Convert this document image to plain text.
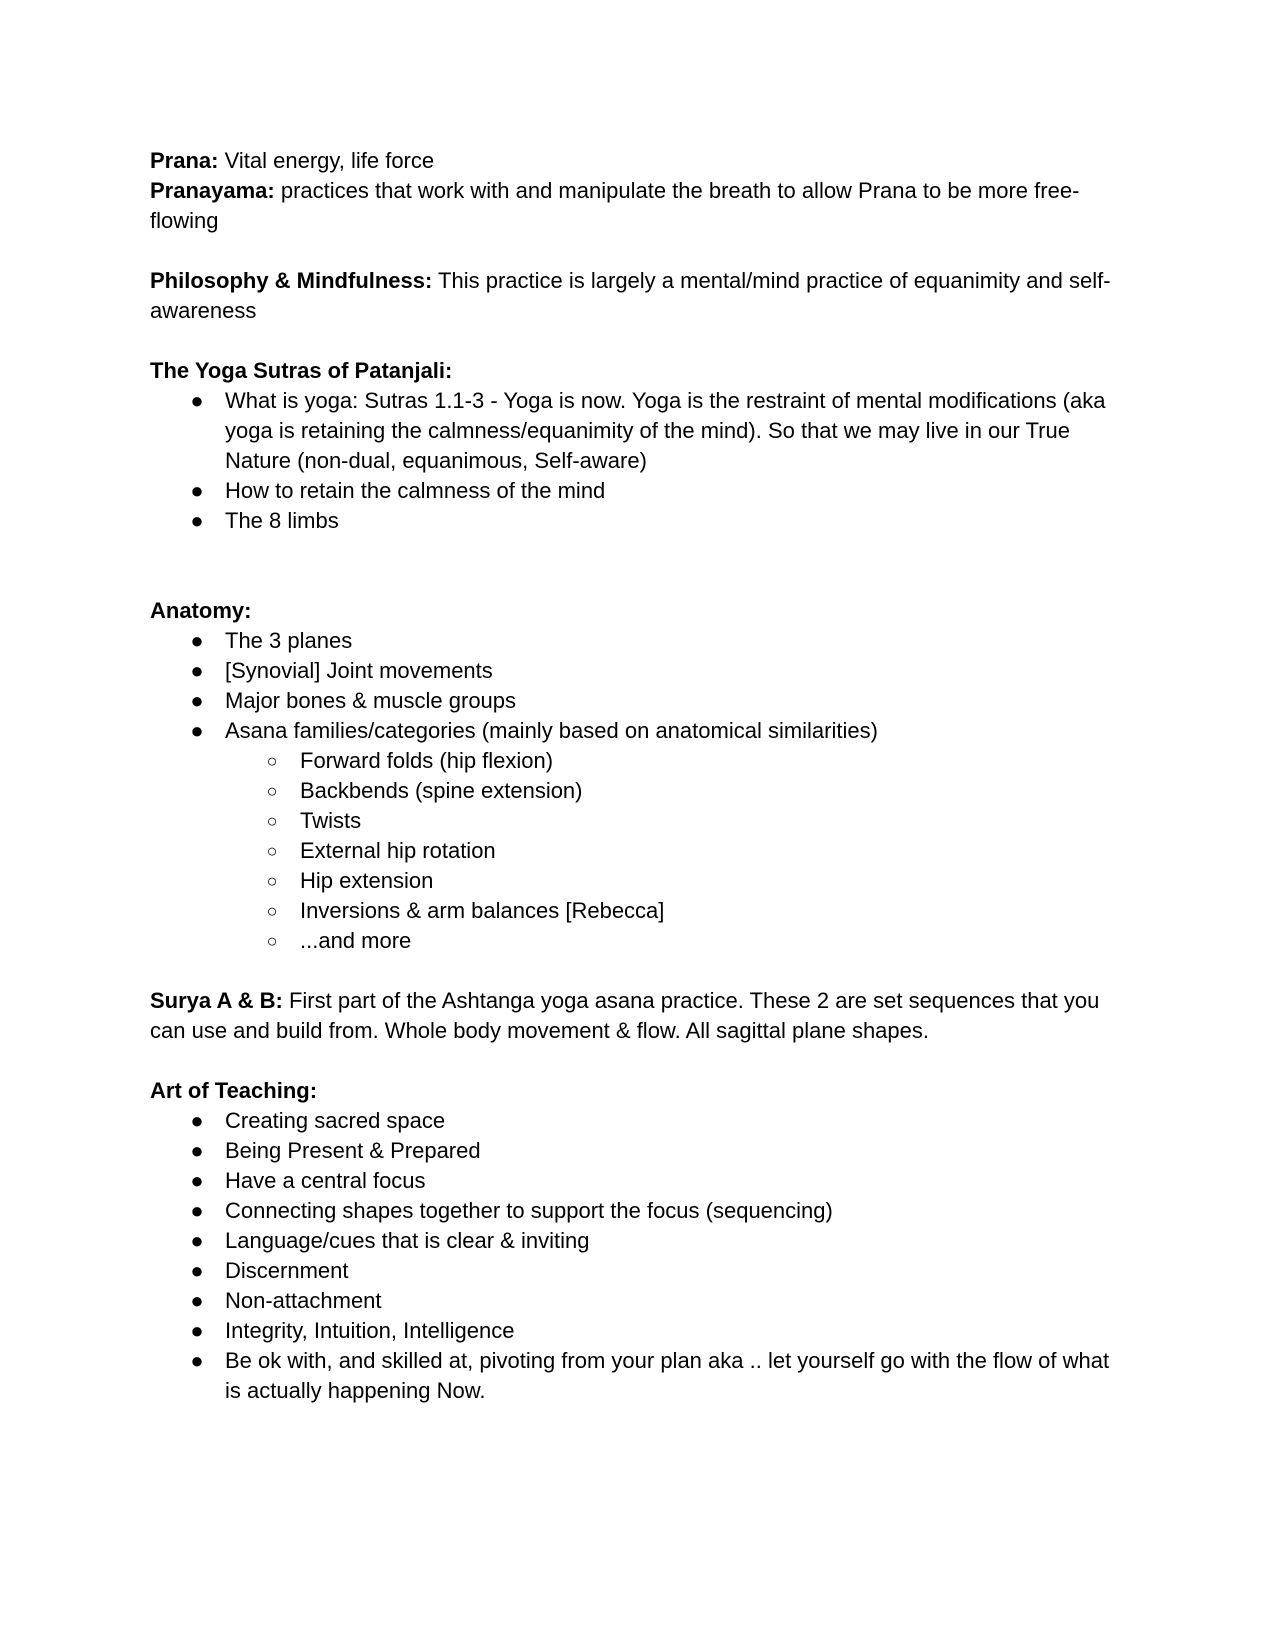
Prana: Vital energy, life force

Pranayama: practices that work with and manipulate the breath to allow Prana to be more free-flowing

Philosophy & Mindfulness: This practice is largely a mental/mind practice of equanimity and self-awareness

The Yoga Sutras of Patanjali:

● What is yoga: Sutras 1.1-3 - Yoga is now. Yoga is the restraint of mental modifications (aka yoga is retaining the calmness/equanimity of the mind). So that we may live in our True Nature (non-dual, equanimous, Self-aware)
● How to retain the calmness of the mind
● The 8 limbs

Anatomy:

● The 3 planes
● [Synovial] Joint movements
● Major bones & muscle groups
● Asana families/categories (mainly based on anatomical similarities)
○ Forward folds (hip flexion)
○ Backbends (spine extension)
○ Twists
○ External hip rotation
○ Hip extension
○ Inversions & arm balances [Rebecca]
○ ...and more

Surya A & B: First part of the Ashtanga yoga asana practice. These 2 are set sequences that you can use and build from. Whole body movement & flow. All sagittal plane shapes.

Art of Teaching:

● Creating sacred space
● Being Present & Prepared
● Have a central focus
● Connecting shapes together to support the focus (sequencing)
● Language/cues that is clear & inviting
● Discernment
● Non-attachment
● Integrity, Intuition, Intelligence
● Be ok with, and skilled at, pivoting from your plan aka .. let yourself go with the flow of what is actually happening Now.
